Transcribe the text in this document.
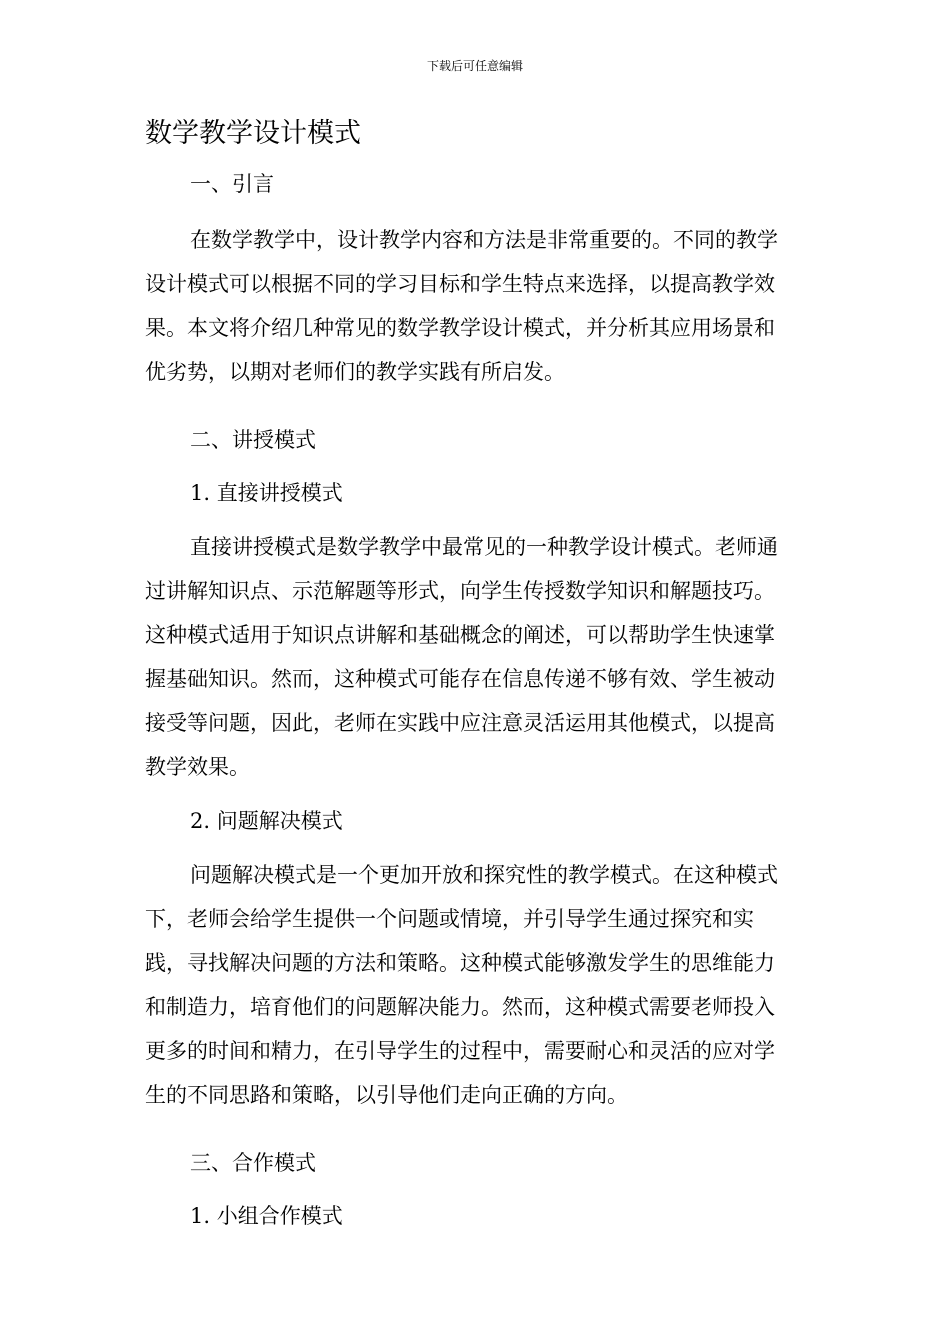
下载后可任意编辑
数学教学设计模式

一、引言

在数学教学中，设计教学内容和方法是非常重要的。不同的教学设计模式可以根据不同的学习目标和学生特点来选择，以提高教学效果。本文将介绍几种常见的数学教学设计模式，并分析其应用场景和优劣势，以期对老师们的教学实践有所启发。

二、讲授模式

1. 直接讲授模式

直接讲授模式是数学教学中最常见的一种教学设计模式。老师通过讲解知识点、示范解题等形式，向学生传授数学知识和解题技巧。这种模式适用于知识点讲解和基础概念的阐述，可以帮助学生快速掌握基础知识。然而，这种模式可能存在信息传递不够有效、学生被动接受等问题，因此，老师在实践中应注意灵活运用其他模式，以提高教学效果。

2. 问题解决模式

问题解决模式是一个更加开放和探究性的教学模式。在这种模式下，老师会给学生提供一个问题或情境，并引导学生通过探究和实践，寻找解决问题的方法和策略。这种模式能够激发学生的思维能力和制造力，培育他们的问题解决能力。然而，这种模式需要老师投入更多的时间和精力，在引导学生的过程中，需要耐心和灵活的应对学生的不同思路和策略，以引导他们走向正确的方向。

三、合作模式

1. 小组合作模式
